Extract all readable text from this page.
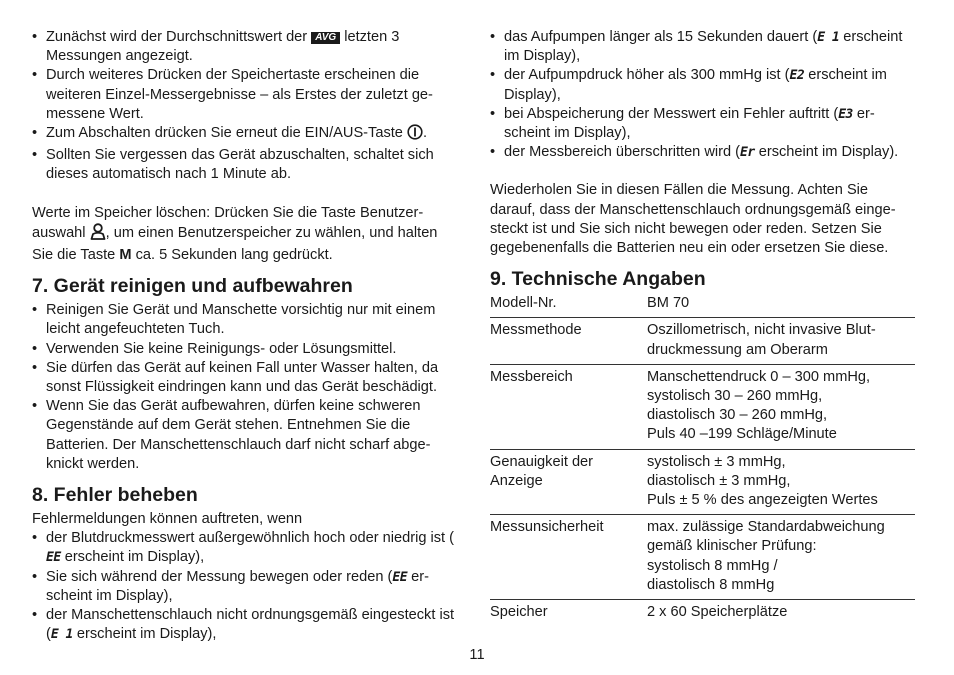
• Zunächst wird der Durchschnittswert der AVG letzten 3 Messungen angezeigt.
• Durch weiteres Drücken der Speichertaste erscheinen die weiteren Einzel-Messergebnisse – als Erstes der zuletzt gemessene Wert.
• Zum Abschalten drücken Sie erneut die EIN/AUS-Taste .
• Sollten Sie vergessen das Gerät abzuschalten, schaltet sich dieses automatisch nach 1 Minute ab.

Werte im Speicher löschen: Drücken Sie die Taste Benutzerauswahl , um einen Benutzerspeicher zu wählen, und halten Sie die Taste M ca. 5 Sekunden lang gedrückt.

7. Gerät reinigen und aufbewahren
• Reinigen Sie Gerät und Manschette vorsichtig nur mit einem leicht angefeuchteten Tuch.
• Verwenden Sie keine Reinigungs- oder Lösungsmittel.
• Sie dürfen das Gerät auf keinen Fall unter Wasser halten, da sonst Flüssigkeit eindringen kann und das Gerät beschädigt.
• Wenn Sie das Gerät aufbewahren, dürfen keine schweren Gegenstände auf dem Gerät stehen. Entnehmen Sie die Batterien. Der Manschettenschlauch darf nicht scharf abgeknickt werden.
8. Fehler beheben

Fehlermeldungen können auftreten, wenn

• der Blutdruckmesswert außergewöhnlich hoch oder niedrig ist (EE erscheint im Display),
• Sie sich während der Messung bewegen oder reden (EE erscheint im Display),
• der Manschettenschlauch nicht ordnungsgemäß eingesteckt ist (E 1 erscheint im Display),
• das Aufpumpen länger als 15 Sekunden dauert (E 1 erscheint im Display),
• der Aufpumpdruck höher als 300 mmHg ist (E2 erscheint im Display),
• bei Abspeicherung der Messwert ein Fehler auftritt (E3 erscheint im Display),
• der Messbereich überschritten wird (Er erscheint im Display).

Wiederholen Sie in diesen Fällen die Messung. Achten Sie darauf, dass der Manschettenschlauch ordnungsgemäß eingesteckt ist und Sie sich nicht bewegen oder reden. Setzen Sie gegebenenfalls die Batterien neu ein oder ersetzen Sie diese.

9. Technische Angaben
Modell-Nr.	BM 70
Messmethode	Oszillometrisch, nicht invasive Blutdruckmessung am Oberarm
Messbereich	Manschettendruck 0 – 300 mmHg,
systolisch 30 – 260 mmHg,
diastolisch 30 – 260 mmHg,
Puls 40 –199 Schläge/Minute
Genauigkeit der Anzeige	systolisch ± 3 mmHg,
diastolisch ± 3 mmHg,
Puls ± 5 % des angezeigten Wertes
Messunsicherheit	max. zulässige Standardabweichung gemäß klinischer Prüfung:
systolisch 8 mmHg /
diastolisch 8 mmHg
Speicher	2 x 60 Speicherplätze
11
